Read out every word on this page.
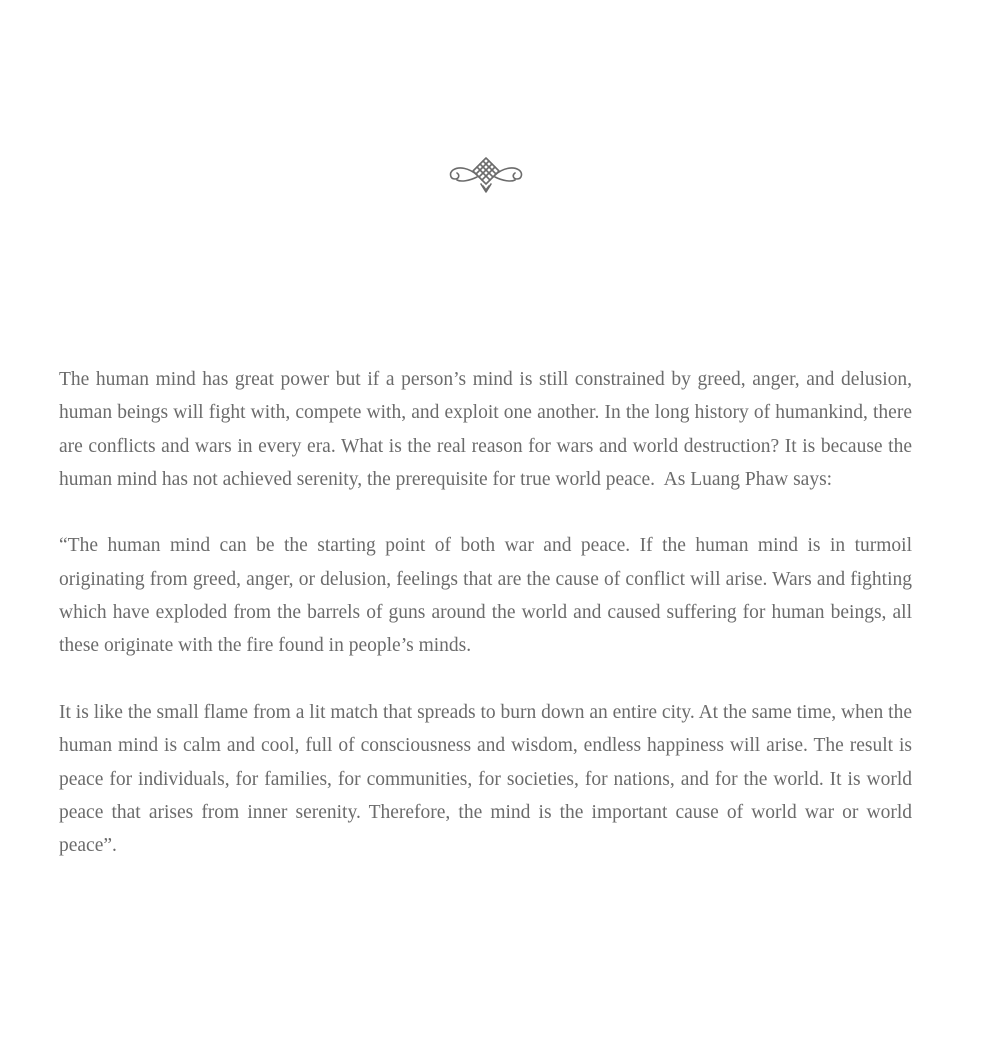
The human mind has great power but if a person’s mind is still constrained by greed, anger, and delusion, human beings will fight with, compete with, and exploit one another. In the long history of humankind, there are conflicts and wars in every era. What is the real reason for wars and world destruction? It is because the human mind has not achieved serenity, the prerequisite for true world peace.  As Luang Phaw says:

“The human mind can be the starting point of both war and peace. If the human mind is in turmoil originating from greed, anger, or delusion, feelings that are the cause of conflict will arise. Wars and fighting which have exploded from the barrels of guns around the world and caused suffering for human beings, all these originate with the fire found in people’s minds.

It is like the small flame from a lit match that spreads to burn down an entire city. At the same time, when the human mind is calm and cool, full of consciousness and wisdom, endless happiness will arise. The result is peace for individuals, for families, for communities, for societies, for nations, and for the world. It is world peace that arises from inner serenity. Therefore, the mind is the important cause of world war or world peace”.
